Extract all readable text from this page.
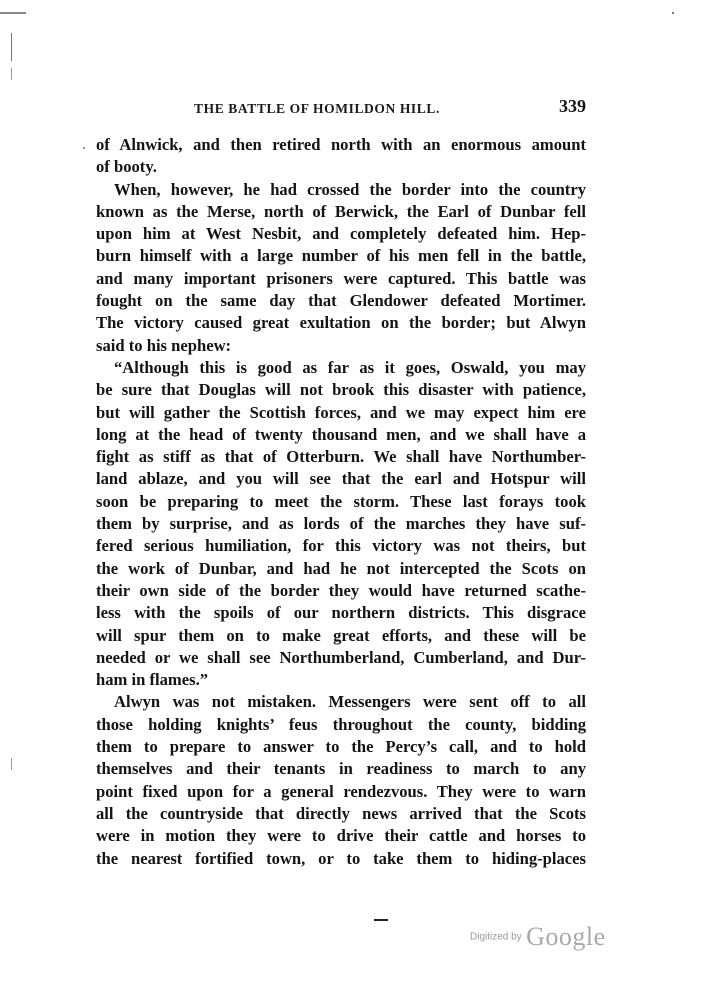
THE BATTLE OF HOMILDON HILL.	339
of Alnwick, and then retired north with an enormous amount
of booty.
When, however, he had crossed the border into the country
known as the Merse, north of Berwick, the Earl of Dunbar fell
upon him at West Nesbit, and completely defeated him. Hep-
burn himself with a large number of his men fell in the battle,
and many important prisoners were captured. This battle was
fought on the same day that Glendower defeated Mortimer.
The victory caused great exultation on the border; but Alwyn
said to his nephew:
“Although this is good as far as it goes, Oswald, you may
be sure that Douglas will not brook this disaster with patience,
but will gather the Scottish forces, and we may expect him ere
long at the head of twenty thousand men, and we shall have a
fight as stiff as that of Otterburn. We shall have Northumber-
land ablaze, and you will see that the earl and Hotspur will
soon be preparing to meet the storm. These last forays took
them by surprise, and as lords of the marches they have suf-
fered serious humiliation, for this victory was not theirs, but
the work of Dunbar, and had he not intercepted the Scots on
their own side of the border they would have returned scathe-
less with the spoils of our northern districts. This disgrace
will spur them on to make great efforts, and these will be
needed or we shall see Northumberland, Cumberland, and Dur-
ham in flames.”
Alwyn was not mistaken. Messengers were sent off to all
those holding knights’ feus throughout the county, bidding
them to prepare to answer to the Percy’s call, and to hold
themselves and their tenants in readiness to march to any
point fixed upon for a general rendezvous. They were to warn
all the countryside that directly news arrived that the Scots
were in motion they were to drive their cattle and horses to
the nearest fortified town, or to take them to hiding-places
Digitized by Google
